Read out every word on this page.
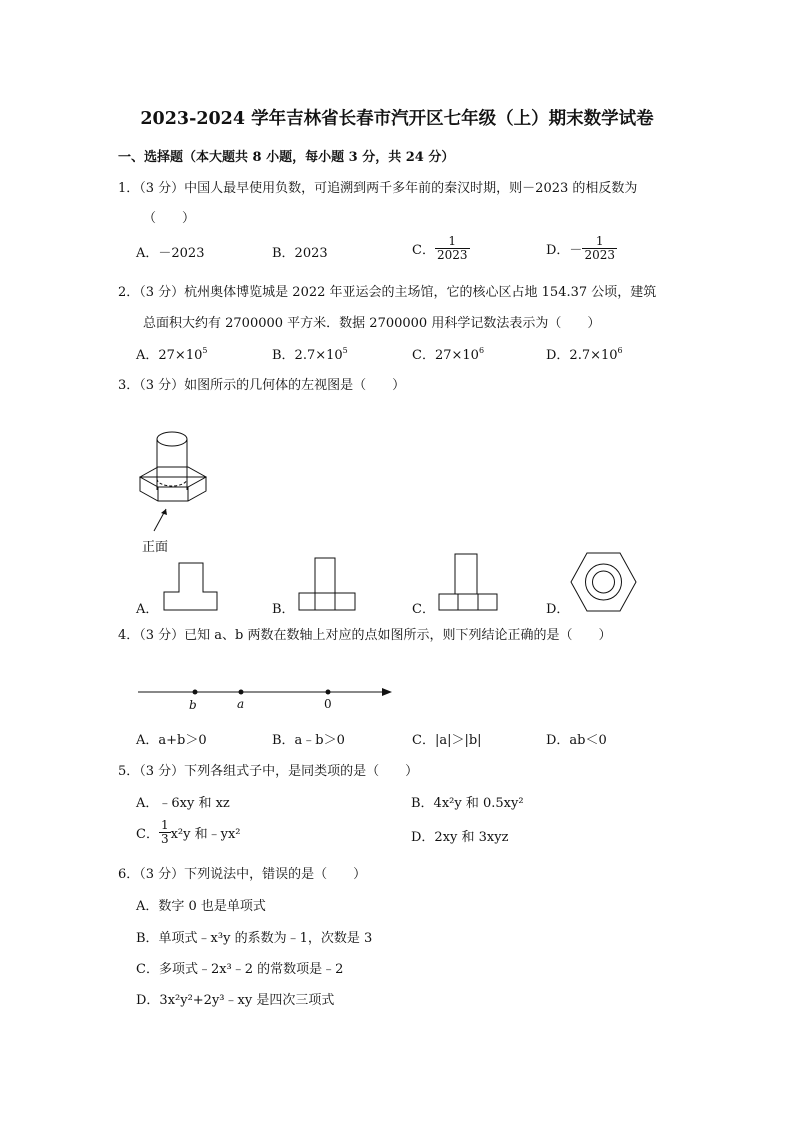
2023-2024 学年吉林省长春市汽开区七年级（上）期末数学试卷
一、选择题（本大题共 8 小题，每小题 3 分，共 24 分）
1．（3 分）中国人最早使用负数，可追溯到两千多年前的秦汉时期，则－2023 的相反数为
（　　）
A．－2023	B．2023	C． $\frac{1}{2023}$	D．－ $\frac{1}{2023}$
2．（3 分）杭州奥体博览城是 2022 年亚运会的主场馆，它的核心区占地 154.37 公顷，建筑
总面积大约有 2700000 平方米．数据 2700000 用科学记数法表示为（　　）
A．$27\times 10^5$	B．$2.7\times 10^5$	C．$27\times 10^6$	D．$2.7\times 10^6$
3．（3 分）如图所示的几何体的左视图是（　　）
正面
A．	B．	C．	D．
4．（3 分）已知 a、b 两数在数轴上对应的点如图所示，则下列结论正确的是（　　）
b	a	0
A．a+b＞0	B．a﹣b＞0	C．|a|＞|b|	D．ab＜0
5．（3 分）下列各组式子中，是同类项的是（　　）
A．﹣6xy 和 xz	B．4x²y 和 0.5xy²
C． $\frac{1}{3} x^2y$ 和﹣yx²	D．2xy 和 3xyz
6．（3 分）下列说法中，错误的是（　　）
A．数字 0 也是单项式
B．单项式﹣x³y 的系数为﹣1，次数是 3
C．多项式﹣2x³﹣2 的常数项是﹣2
D．3x²y²+2y³﹣xy 是四次三项式
